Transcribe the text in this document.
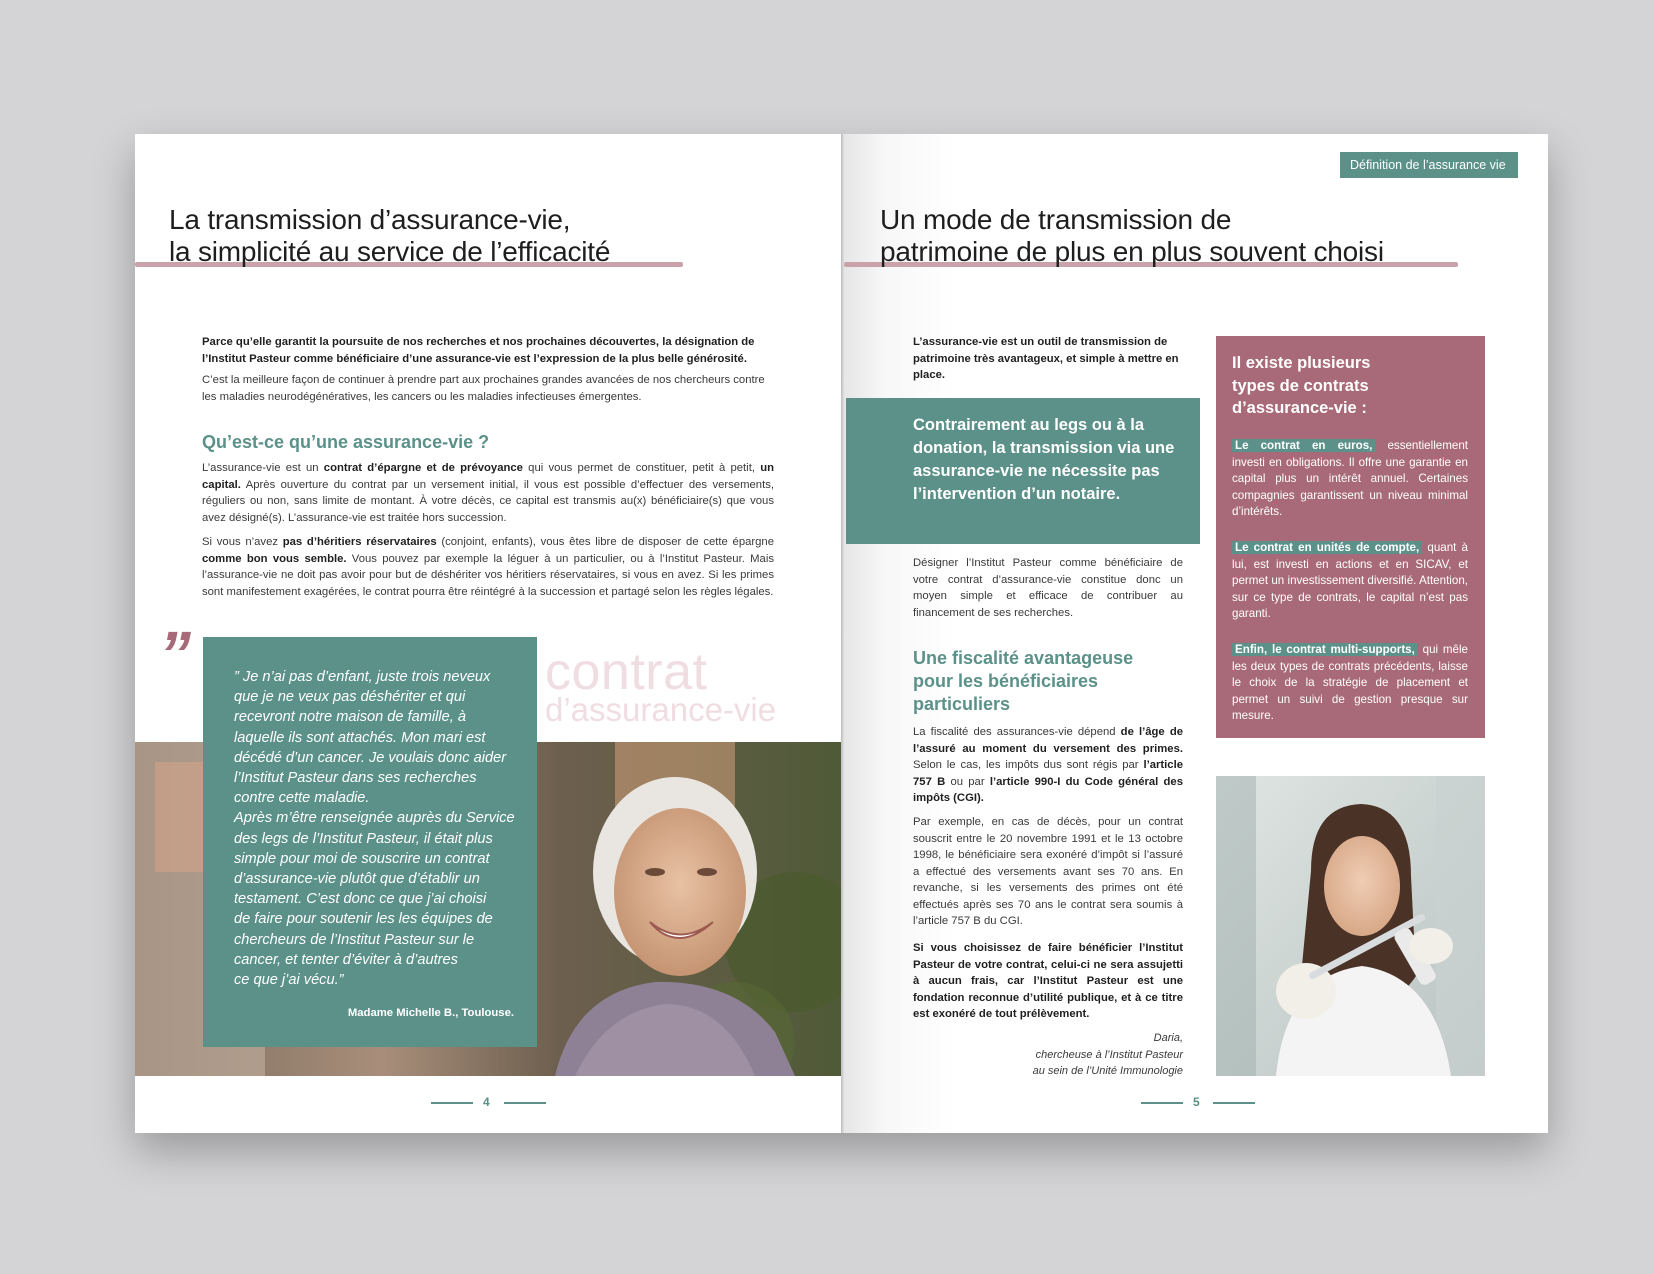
La transmission d’assurance-vie,
la simplicité au service de l’efficacité
Parce qu’elle garantit la poursuite de nos recherches et nos prochaines découvertes, la désignation de l’Institut Pasteur comme bénéficiaire d’une assurance-vie est l’expression de la plus belle générosité.
C’est la meilleure façon de continuer à prendre part aux prochaines grandes avancées de nos chercheurs contre les maladies neurodégénératives, les cancers ou les maladies infectieuses émergentes.
Qu’est-ce qu’une assurance-vie ?
L’assurance-vie est un contrat d’épargne et de prévoyance qui vous permet de constituer, petit à petit, un capital. Après ouverture du contrat par un versement initial, il vous est possible d’effectuer des versements, réguliers ou non, sans limite de montant. À votre décès, ce capital est transmis au(x) bénéficiaire(s) que vous avez désigné(s). L’assurance-vie est traitée hors succession.
Si vous n’avez pas d’héritiers réservataires (conjoint, enfants), vous êtes libre de disposer de cette épargne comme bon vous semble. Vous pouvez par exemple la léguer à un particulier, ou à l’Institut Pasteur. Mais l’assurance-vie ne doit pas avoir pour but de déshériter vos héritiers réservataires, si vous en avez. Si les primes sont manifestement exagérées, le contrat pourra être réintégré à la succession et partagé selon les règles légales.
contrat
d’assurance-vie
”	” Je n’ai pas d’enfant, juste trois neveux
que je ne veux pas déshériter et qui
recevront notre maison de famille, à
laquelle ils sont attachés. Mon mari est
décédé d’un cancer. Je voulais donc aider
l’Institut Pasteur dans ses recherches
contre cette maladie.
Après m’être renseignée auprès du Service
des legs de l’Institut Pasteur, il était plus
simple pour moi de souscrire un contrat
d’assurance-vie plutôt que d’établir un
testament. C’est donc ce que j’ai choisi
de faire pour soutenir les les équipes de
chercheurs de l’Institut Pasteur sur le
cancer, et tenter d’éviter à d’autres
ce que j’ai vécu.”
Madame Michelle B., Toulouse.
4
Définition de l’assurance vie
Un mode de transmission de
patrimoine de plus en plus souvent choisi
L’assurance-vie est un outil de transmission de patrimoine très avantageux, et simple à mettre en place.
Contrairement au legs ou à la donation, la transmission via une assurance-vie ne nécessite pas l’intervention d’un notaire.
Désigner l’Institut Pasteur comme bénéficiaire de votre contrat d’assurance-vie constitue donc un moyen simple et efficace de contribuer au financement de ses recherches.
Une fiscalité avantageuse pour les bénéficiaires particuliers
La fiscalité des assurances-vie dépend de l’âge de l’assuré au moment du versement des primes. Selon le cas, les impôts dus sont régis par l’article 757 B ou par l’article 990-I du Code général des impôts (CGI).
Par exemple, en cas de décès, pour un contrat souscrit entre le 20 novembre 1991 et le 13 octobre 1998, le bénéficiaire sera exonéré d’impôt si l’assuré a effectué des versements avant ses 70 ans. En revanche, si les versements des primes ont été effectués après ses 70 ans le contrat sera soumis à l’article 757 B du CGI.
Si vous choisissez de faire bénéficier l’Institut Pasteur de votre contrat, celui-ci ne sera assujetti à aucun frais, car l’Institut Pasteur est une fondation reconnue d’utilité publique, et à ce titre est exonéré de tout prélèvement.
Daria,
chercheuse à l’Institut Pasteur
au sein de l’Unité Immunologie
Il existe plusieurs types de contrats d’assurance-vie :
Le contrat en euros, essentiellement investi en obligations. Il offre une garantie en capital plus un intérêt annuel. Certaines compagnies garantissent un niveau minimal d’intérêts.
Le contrat en unités de compte, quant à lui, est investi en actions et en SICAV, et permet un investissement diversifié. Attention, sur ce type de contrats, le capital n’est pas garanti.
Enfin, le contrat multi-supports, qui mêle les deux types de contrats précédents, laisse le choix de la stratégie de placement et permet un suivi de gestion presque sur mesure.
5
